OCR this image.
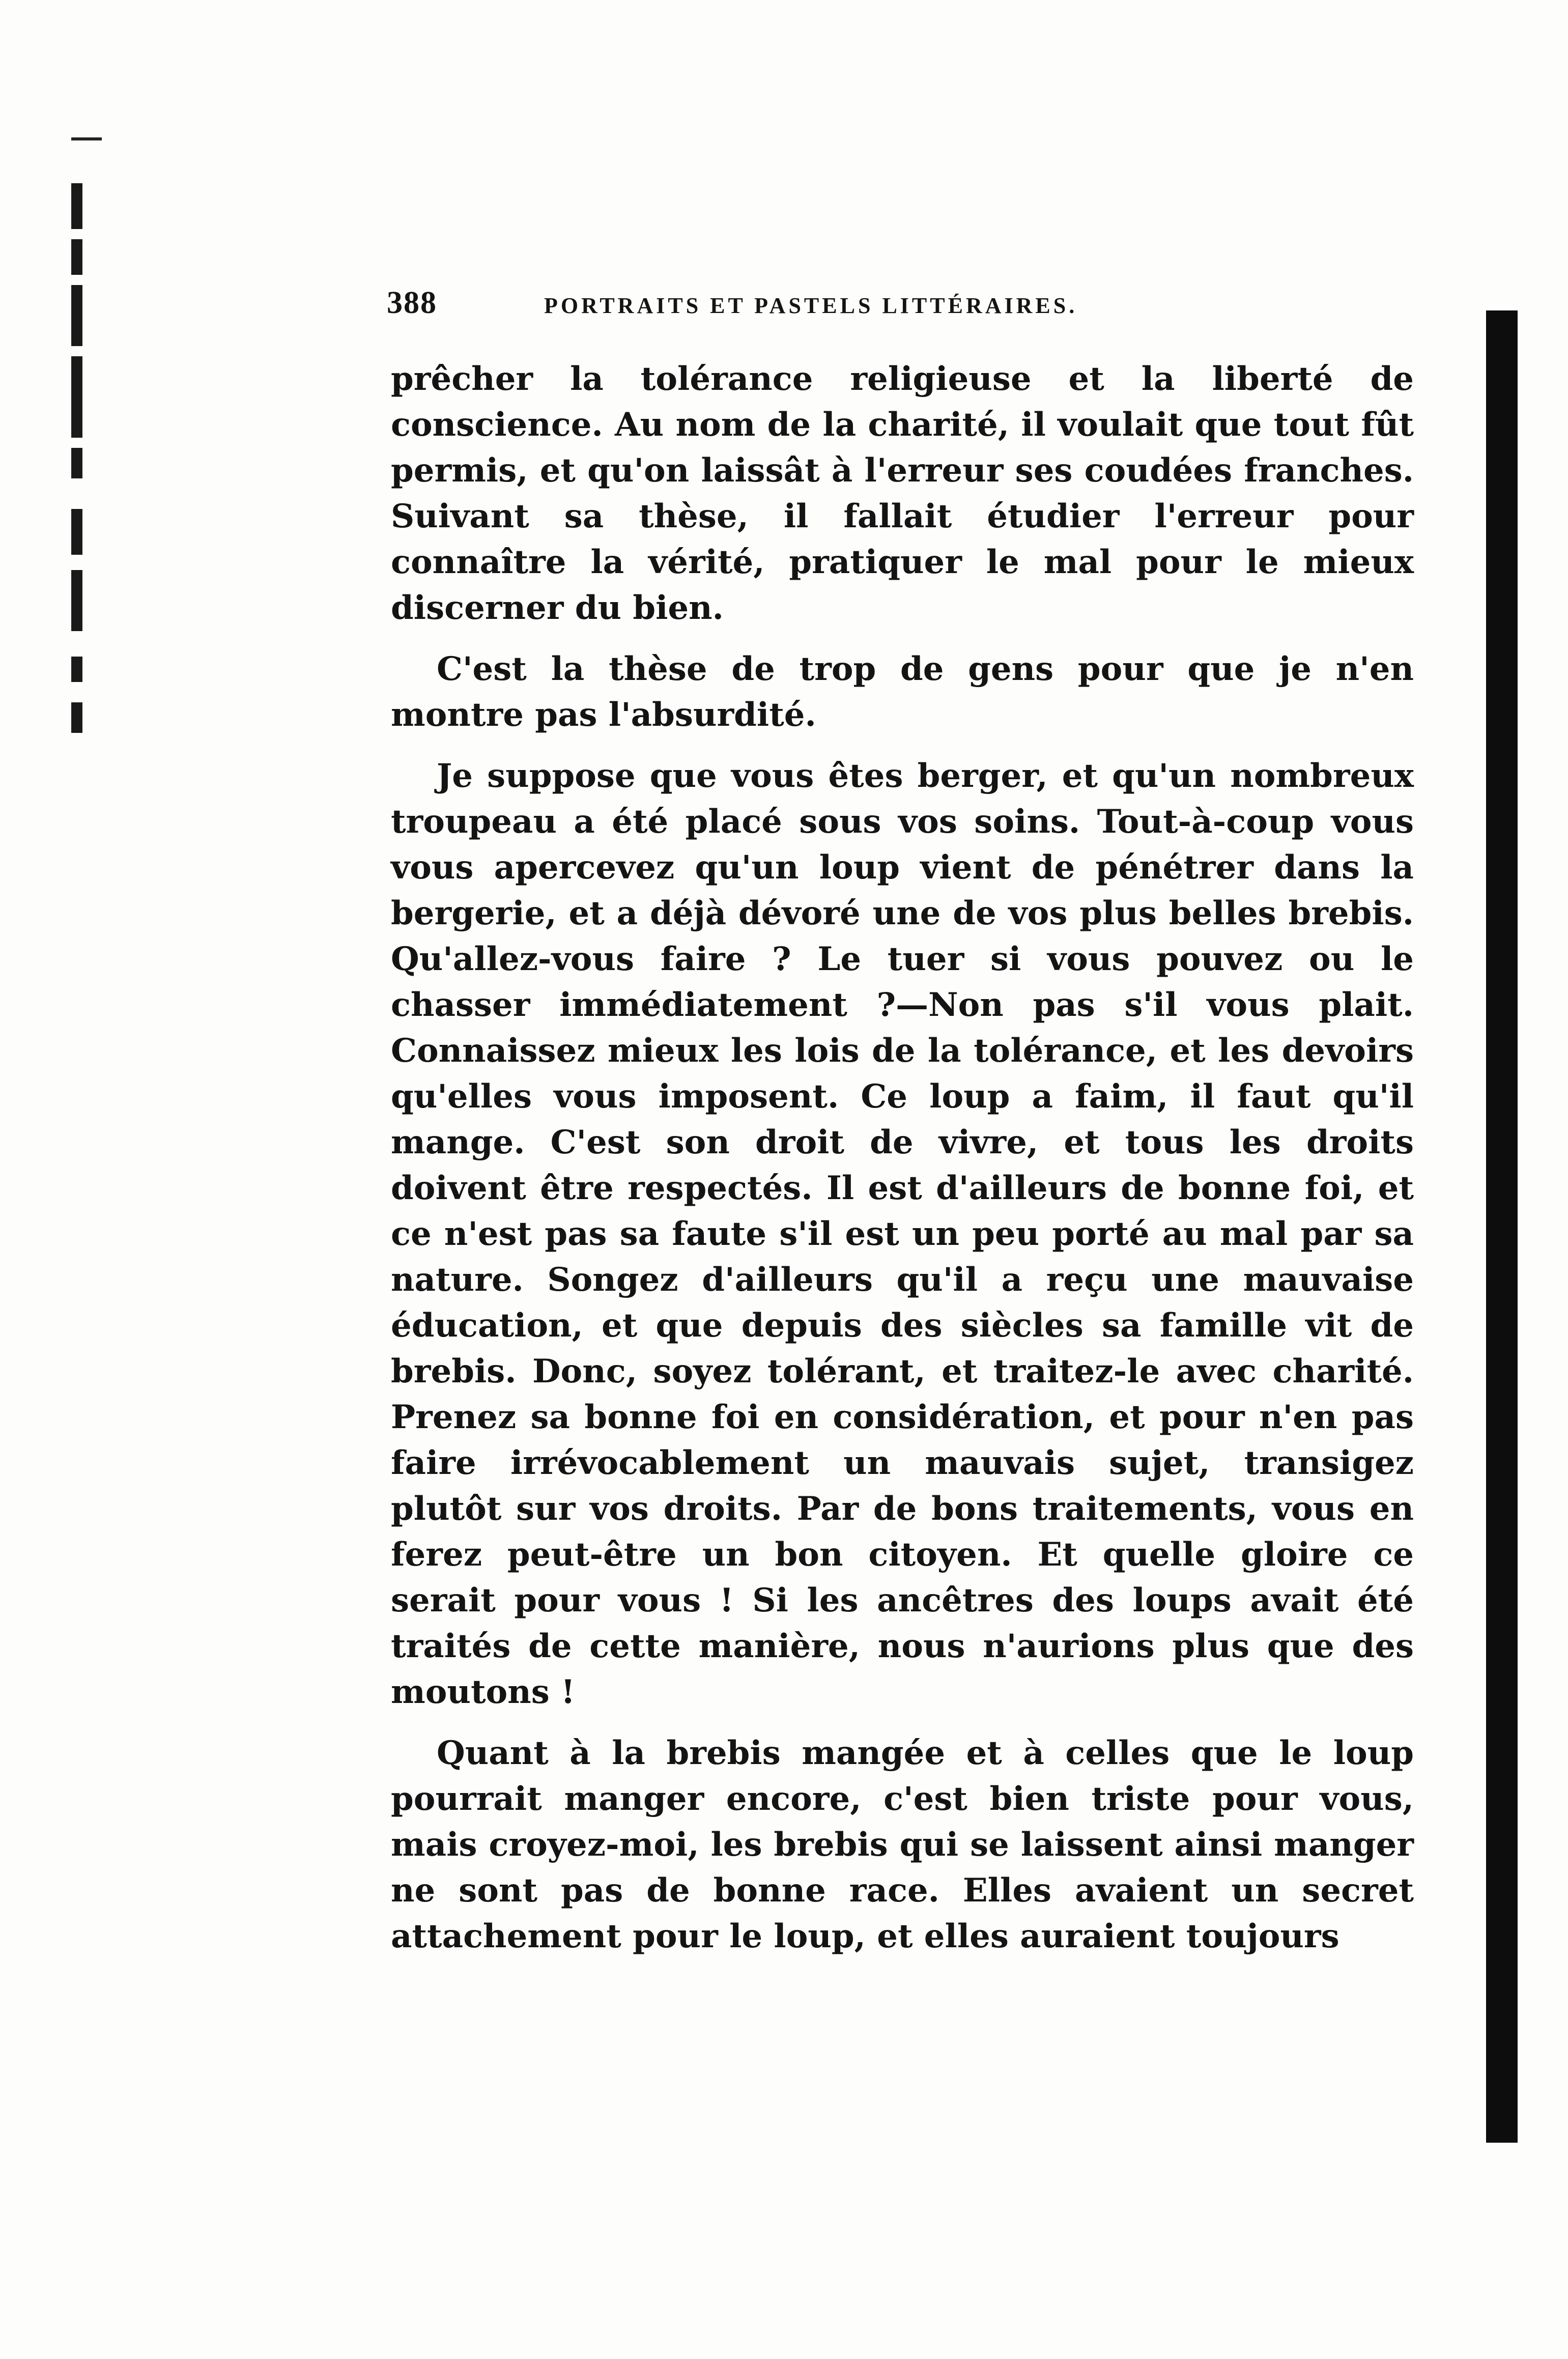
388	PORTRAITS ET PASTELS LITTÉRAIRES.

prêcher la tolérance religieuse et la liberté de conscience. Au nom de la charité, il voulait que tout fût permis, et qu'on laissât à l'erreur ses coudées franches. Suivant sa thèse, il fallait étudier l'erreur pour connaître la vérité, pratiquer le mal pour le mieux discerner du bien.

C'est la thèse de trop de gens pour que je n'en montre pas l'absurdité.

Je suppose que vous êtes berger, et qu'un nombreux troupeau a été placé sous vos soins. Tout-à-coup vous vous apercevez qu'un loup vient de pénétrer dans la bergerie, et a déjà dévoré une de vos plus belles brebis. Qu'allez-vous faire ? Le tuer si vous pouvez ou le chasser immédiatement ?—Non pas s'il vous plait. Connaissez mieux les lois de la tolérance, et les devoirs qu'elles vous imposent. Ce loup a faim, il faut qu'il mange. C'est son droit de vivre, et tous les droits doivent être respectés. Il est d'ailleurs de bonne foi, et ce n'est pas sa faute s'il est un peu porté au mal par sa nature. Songez d'ailleurs qu'il a reçu une mauvaise éducation, et que depuis des siècles sa famille vit de brebis. Donc, soyez tolérant, et traitez-le avec charité. Prenez sa bonne foi en considération, et pour n'en pas faire irrévocablement un mauvais sujet, transigez plutôt sur vos droits. Par de bons traitements, vous en ferez peut-être un bon citoyen. Et quelle gloire ce serait pour vous ! Si les ancêtres des loups avait été traités de cette manière, nous n'aurions plus que des moutons !

Quant à la brebis mangée et à celles que le loup pourrait manger encore, c'est bien triste pour vous, mais croyez-moi, les brebis qui se laissent ainsi manger ne sont pas de bonne race. Elles avaient un secret attachement pour le loup, et elles auraient toujours
